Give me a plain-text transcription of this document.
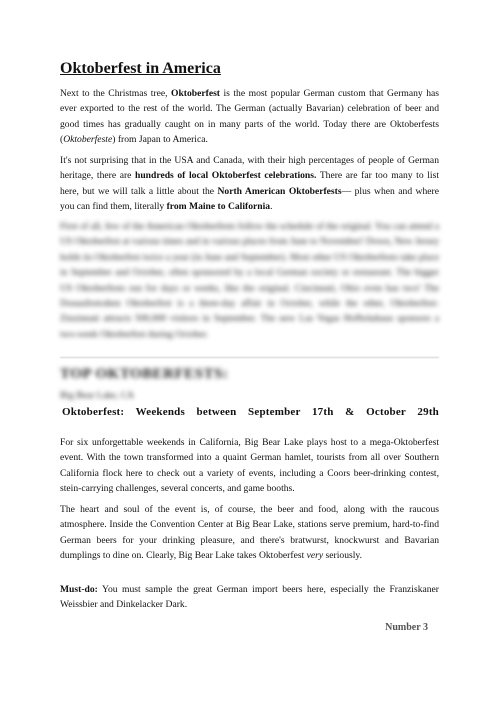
Oktoberfest in America
Next to the Christmas tree, Oktoberfest is the most popular German custom that Germany has ever exported to the rest of the world. The German (actually Bavarian) celebration of beer and good times has gradually caught on in many parts of the world. Today there are Oktoberfests (Oktoberfeste) from Japan to America.
It's not surprising that in the USA and Canada, with their high percentages of people of German heritage, there are hundreds of local Oktoberfest celebrations. There are far too many to list here, but we will talk a little about the North American Oktoberfests— plus when and where you can find them, literally from Maine to California.
First of all, few of the American Oktoberfests follow the schedule of the original. You can attend a US Oktoberfest at various times and in various places from June to November! Down, New Jersey holds its Oktoberfest twice a year (in June and September). Most other US Oktoberfests take place in September and October, often sponsored by a local German society or restaurant. The bigger US Oktoberfests run for days or weeks, like the original. Cincinnati, Ohio even has two! The Donaufestrahen Oktoberfest is a three-day affair in October, while the other, Oktoberfest-Zinzinnati attracts 500,000 visitors in September. The new Las Vegas Hofbräuhaus sponsors a two-week Oktoberfest during October.
TOP OKTOBERFESTS:
Big Bear Lake, CA
Oktoberfest: Weekends between September 17th & October 29th
For six unforgettable weekends in California, Big Bear Lake plays host to a mega-Oktoberfest event. With the town transformed into a quaint German hamlet, tourists from all over Southern California flock here to check out a variety of events, including a Coors beer-drinking contest, stein-carrying challenges, several concerts, and game booths.
The heart and soul of the event is, of course, the beer and food, along with the raucous atmosphere. Inside the Convention Center at Big Bear Lake, stations serve premium, hard-to-find German beers for your drinking pleasure, and there's bratwurst, knockwurst and Bavarian dumplings to dine on. Clearly, Big Bear Lake takes Oktoberfest very seriously.
Must-do: You must sample the great German import beers here, especially the Franziskaner Weissbier and Dinkelacker Dark.
Number 3
